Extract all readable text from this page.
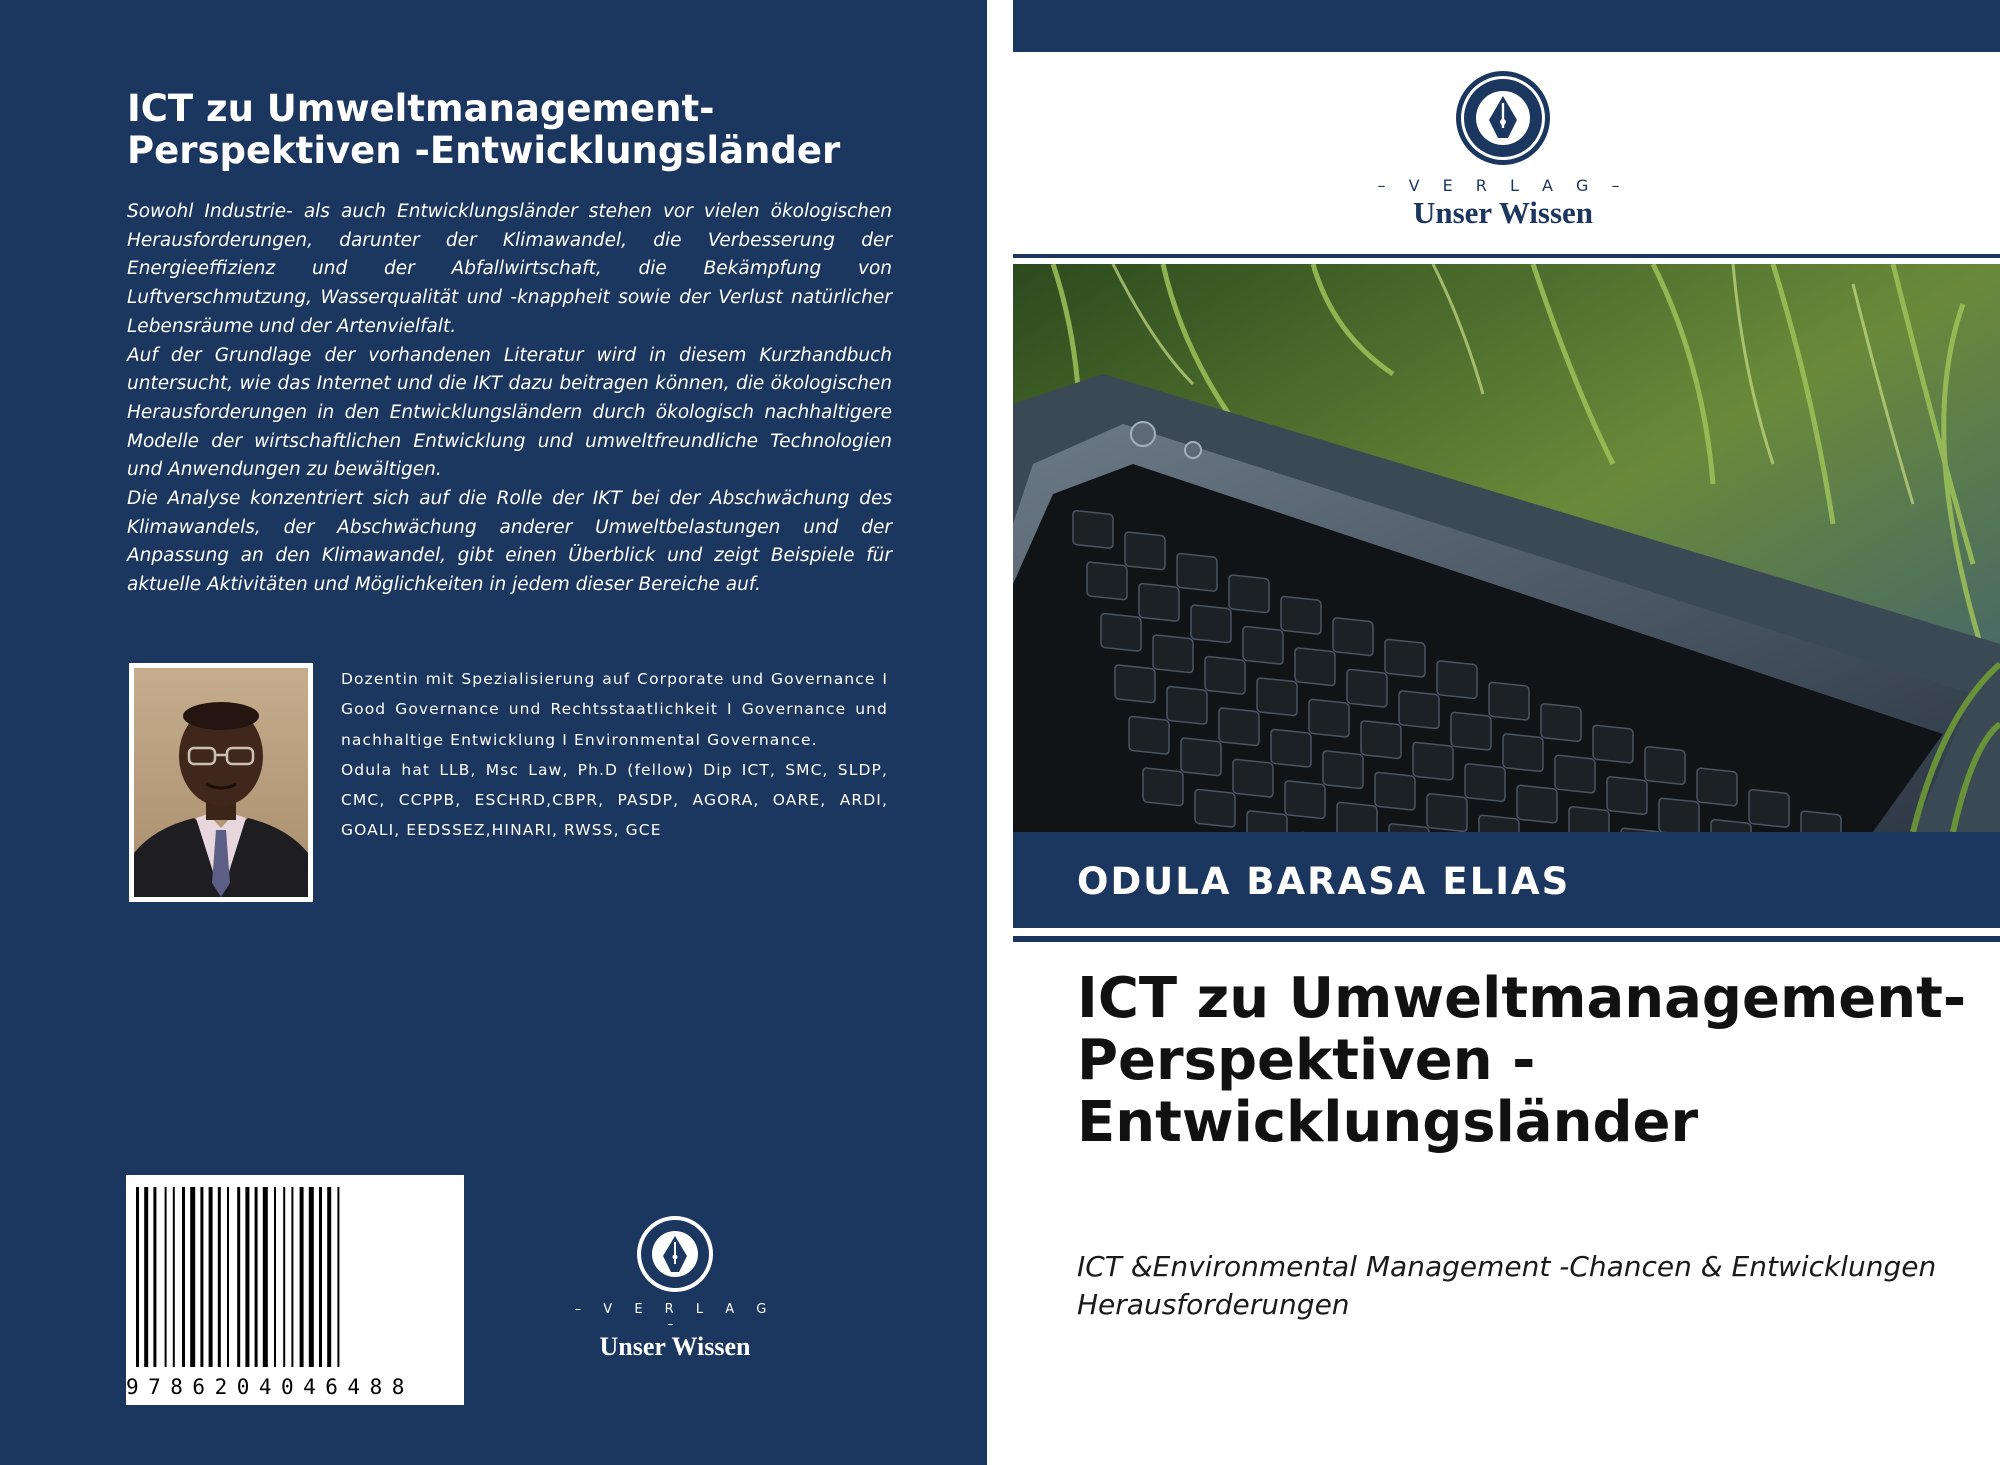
ICT zu Umweltmanagement-Perspektiven -Entwicklungsländer

Sowohl Industrie- als auch Entwicklungsländer stehen vor vielen ökologischen Herausforderungen, darunter der Klimawandel, die Verbesserung der Energieeffizienz und der Abfallwirtschaft, die Bekämpfung von Luftverschmutzung, Wasserqualität und -knappheit sowie der Verlust natürlicher Lebensräume und der Artenvielfalt.

Auf der Grundlage der vorhandenen Literatur wird in diesem Kurzhandbuch untersucht, wie das Internet und die IKT dazu beitragen können, die ökologischen Herausforderungen in den Entwicklungsländern durch ökologisch nachhaltigere Modelle der wirtschaftlichen Entwicklung und umweltfreundliche Technologien und Anwendungen zu bewältigen.

Die Analyse konzentriert sich auf die Rolle der IKT bei der Abschwächung des Klimawandels, der Abschwächung anderer Umweltbelastungen und der Anpassung an den Klimawandel, gibt einen Überblick und zeigt Beispiele für aktuelle Aktivitäten und Möglichkeiten in jedem dieser Bereiche auf.

Dozentin mit Spezialisierung auf Corporate und Governance I Good Governance und Rechtsstaatlichkeit I Governance und nachhaltige Entwicklung I Environmental Governance.

Odula hat LLB, Msc Law, Ph.D (fellow) Dip ICT, SMC, SLDP, CMC, CCPPB, ESCHRD,CBPR, PASDP, AGORA, OARE, ARDI, GOALI, EEDSSEZ,HINARI, RWSS, GCE

9786204046488
– V E R L A G –
Unser Wissen
– V E R L A G –
Unser Wissen
ODULA BARASA ELIAS
ICT zu Umweltmanagement-Perspektiven -Entwicklungsländer

ICT &Environmental Management -Chancen & Entwicklungen Herausforderungen
